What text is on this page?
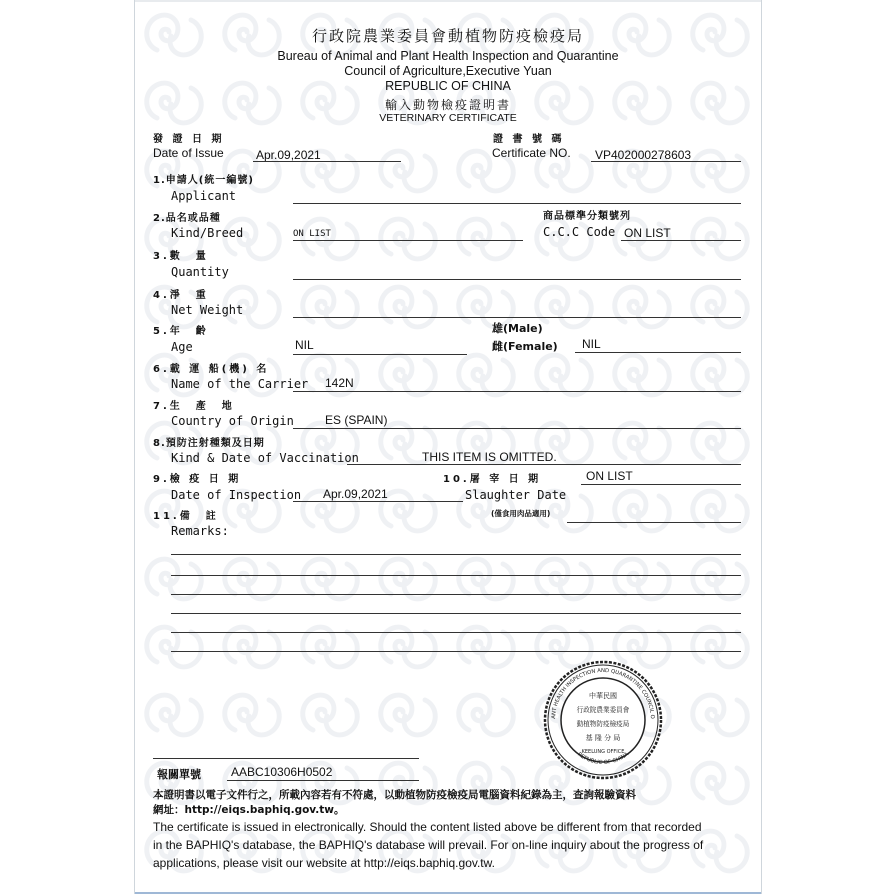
行政院農業委員會動植物防疫檢疫局
Bureau of Animal and Plant Health Inspection and Quarantine
Council of Agriculture,Executive Yuan
REPUBLIC OF CHINA
輸入動物檢疫證明書
VETERINARY CERTIFICATE
發 證 日 期
Date of Issue	Apr.09,2021
證 書 號 碼
Certificate NO. VP402000278603
1.申請人(統一編號)
Applicant
2.品名或品種
Kind/Breed	ON LIST
商品標準分類號列
C.C.C Code ON LIST
3.數　量
Quantity
4.淨　重
Net Weight
5.年　齡
Age	NIL
雄(Male)
雌(Female) NIL
6.載 運 船(機) 名
Name of the Carrier 142N
7.生　產　地
Country of Origin	ES (SPAIN)
8.預防注射種類及日期
Kind & Date of Vaccination	THIS ITEM IS OMITTED.
9.檢 疫 日 期
Date of Inspection Apr.09,2021
10.屠 宰 日 期
Slaughter Date
ON LIST
(僅食用肉品適用)
11.備　註
Remarks:
ANT HEALTH INSPECTION AND QUARANTINE COUNCIL O
REPUBLIC OF CHINA
中華民國
行政院農業委員會
動植物防疫檢疫局
基 隆 分 局
KEELUNG OFFICE
報關單號	AABC10306H0502
本證明書以電子文件行之，所載內容若有不符處，以動植物防疫檢疫局電腦資料紀錄為主，查詢報驗資料
網址：http://eiqs.baphiq.gov.tw。
The certificate is issued in electronically. Should the content listed above be different from that recorded
in the BAPHIQ's database, the BAPHIQ's database will prevail. For on-line inquiry about the progress of
applications, please visit our website at http://eiqs.baphiq.gov.tw.
